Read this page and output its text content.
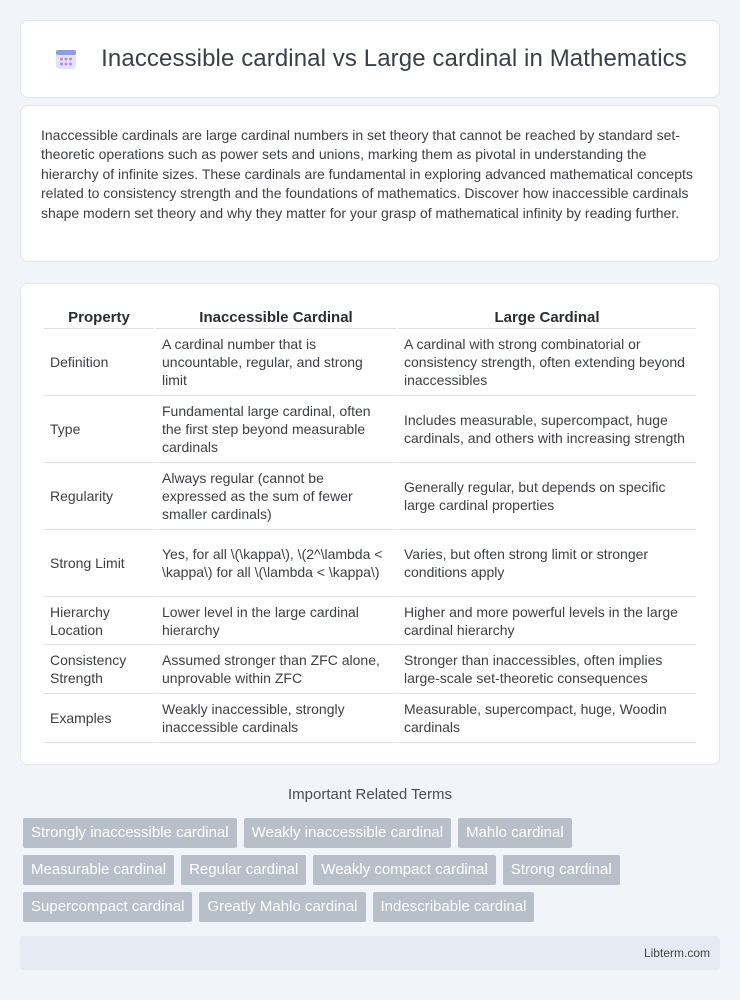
Inaccessible cardinal vs Large cardinal in Mathematics

Inaccessible cardinals are large cardinal numbers in set theory that cannot be reached by standard set-theoretic operations such as power sets and unions, marking them as pivotal in understanding the hierarchy of infinite sizes. These cardinals are fundamental in exploring advanced mathematical concepts related to consistency strength and the foundations of mathematics. Discover how inaccessible cardinals shape modern set theory and why they matter for your grasp of mathematical infinity by reading further.

Property	Inaccessible Cardinal	Large Cardinal
Definition	A cardinal number that is uncountable, regular, and strong limit	A cardinal with strong combinatorial or consistency strength, often extending beyond inaccessibles
Type	Fundamental large cardinal, often the first step beyond measurable cardinals	Includes measurable, supercompact, huge cardinals, and others with increasing strength
Regularity	Always regular (cannot be expressed as the sum of fewer smaller cardinals)	Generally regular, but depends on specific large cardinal properties
Strong Limit	Yes, for all \(\kappa\), \(2^\lambda < \kappa\) for all \(\lambda < \kappa\)	Varies, but often strong limit or stronger conditions apply
Hierarchy Location	Lower level in the large cardinal hierarchy	Higher and more powerful levels in the large cardinal hierarchy
Consistency Strength	Assumed stronger than ZFC alone, unprovable within ZFC	Stronger than inaccessibles, often implies large-scale set-theoretic consequences
Examples	Weakly inaccessible, strongly inaccessible cardinals	Measurable, supercompact, huge, Woodin cardinals
Important Related Terms
Strongly inaccessible cardinal	Weakly inaccessible cardinal	Mahlo cardinal
Measurable cardinal	Regular cardinal	Weakly compact cardinal	Strong cardinal
Supercompact cardinal	Greatly Mahlo cardinal	Indescribable cardinal
Libterm.com
